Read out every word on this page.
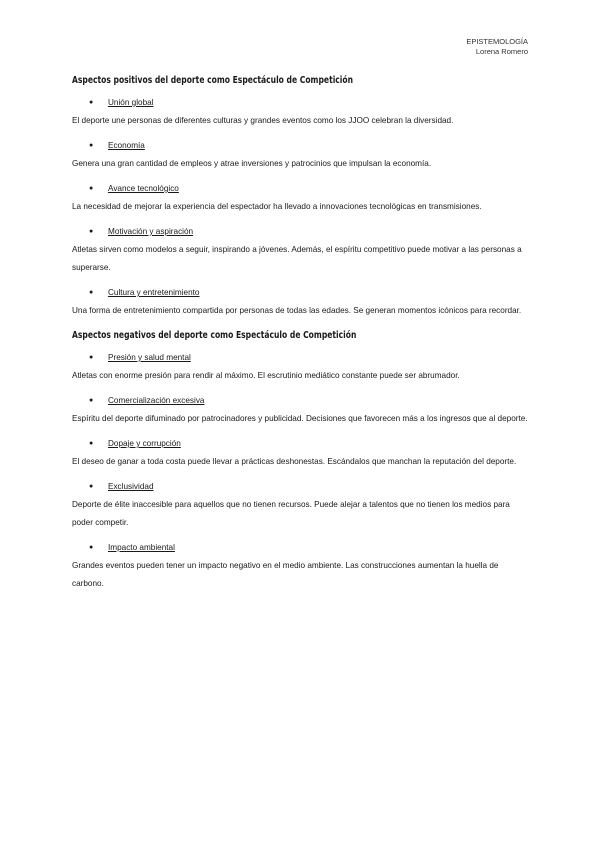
EPISTEMOLOGÍA
Lorena Romero
Aspectos positivos del deporte como Espectáculo de Competición
● Unión global

El deporte une personas de diferentes culturas y grandes eventos como los JJOO celebran la diversidad.

● Economía

Genera una gran cantidad de empleos y atrae inversiones y patrocinios que impulsan la economía.

● Avance tecnológico

La necesidad de mejorar la experiencia del espectador ha llevado a innovaciones tecnológicas en transmisiones.

● Motivación y aspiración

Atletas sirven como modelos a seguir, inspirando a jóvenes. Además, el espíritu competitivo puede motivar a las personas a superarse.

● Cultura y entretenimiento

Una forma de entretenimiento compartida por personas de todas las edades. Se generan momentos icónicos para recordar.

Aspectos negativos del deporte como Espectáculo de Competición
● Presión y salud mental

Atletas con enorme presión para rendir al máximo. El escrutinio mediático constante puede ser abrumador.

● Comercialización excesiva

Espíritu del deporte difuminado por patrocinadores y publicidad. Decisiones que favorecen más a los ingresos que al deporte.

● Dopaje y corrupción

El deseo de ganar a toda costa puede llevar a prácticas deshonestas. Escándalos que manchan la reputación del deporte.

● Exclusividad

Deporte de élite inaccesible para aquellos que no tienen recursos. Puede alejar a talentos que no tienen los medios para poder competir.

● Impacto ambiental

Grandes eventos pueden tener un impacto negativo en el medio ambiente. Las construcciones aumentan la huella de carbono.
